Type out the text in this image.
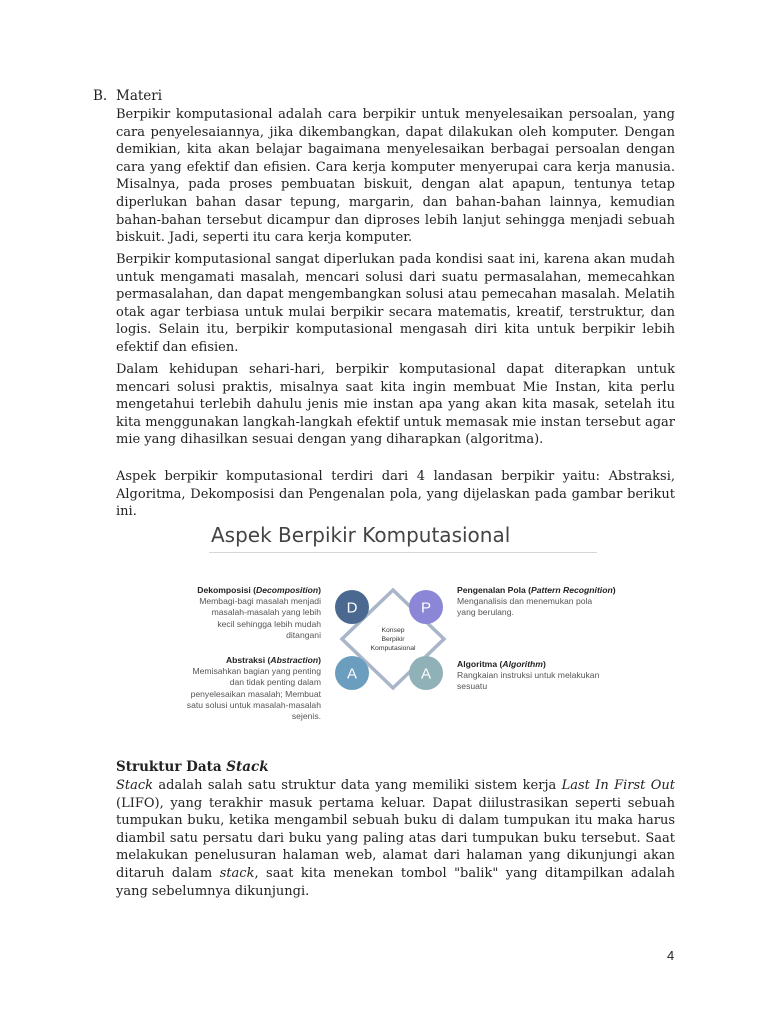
B. Materi

Berpikir komputasional adalah cara berpikir untuk menyelesaikan persoalan, yang cara penyelesaiannya, jika dikembangkan, dapat dilakukan oleh komputer. Dengan demikian, kita akan belajar bagaimana menyelesaikan berbagai persoalan dengan cara yang efektif dan efisien. Cara kerja komputer menyerupai cara kerja manusia. Misalnya, pada proses pembuatan biskuit, dengan alat apapun, tentunya tetap diperlukan bahan dasar tepung, margarin, dan bahan-bahan lainnya, kemudian bahan-bahan tersebut dicampur dan diproses lebih lanjut sehingga menjadi sebuah biskuit. Jadi, seperti itu cara kerja komputer.

Berpikir komputasional sangat diperlukan pada kondisi saat ini, karena akan mudah untuk mengamati masalah, mencari solusi dari suatu permasalahan, memecahkan permasalahan, dan dapat mengembangkan solusi atau pemecahan masalah. Melatih otak agar terbiasa untuk mulai berpikir secara matematis, kreatif, terstruktur, dan logis. Selain itu, berpikir komputasional mengasah diri kita untuk berpikir lebih efektif dan efisien.

Dalam kehidupan sehari-hari, berpikir komputasional dapat diterapkan untuk mencari solusi praktis, misalnya saat kita ingin membuat Mie Instan, kita perlu mengetahui terlebih dahulu jenis mie instan apa yang akan kita masak, setelah itu kita menggunakan langkah-langkah efektif untuk memasak mie instan tersebut agar mie yang dihasilkan sesuai dengan yang diharapkan (algoritma).

Aspek berpikir komputasional terdiri dari 4 landasan berpikir yaitu: Abstraksi, Algoritma, Dekomposisi dan Pengenalan pola, yang dijelaskan pada gambar berikut ini.

Aspek Berpikir Komputasional
Dekomposisi (Decomposition)
Membagi-bagi masalah menjadi
masalah-masalah yang lebih
kecil sehingga lebih mudah
ditangani
Abstraksi (Abstraction)
Memisahkan bagian yang penting
dan tidak penting dalam
penyelesaikan masalah; Membuat
satu solusi untuk masalah-masalah
sejenis.
D	P
A	A
Konsep
Berpikir
Komputasional
Pengenalan Pola (Pattern Recognition)
Menganalisis dan menemukan pola
yang berulang.
Algoritma (Algorithm)
Rangkaian instruksi untuk melakukan
sesuatu
Struktur Data Stack

Stack adalah salah satu struktur data yang memiliki sistem kerja Last In First Out (LIFO), yang terakhir masuk pertama keluar. Dapat diilustrasikan seperti sebuah tumpukan buku, ketika mengambil sebuah buku di dalam tumpukan itu maka harus diambil satu persatu dari buku yang paling atas dari tumpukan buku tersebut. Saat melakukan penelusuran halaman web, alamat dari halaman yang dikunjungi akan ditaruh dalam stack, saat kita menekan tombol "balik" yang ditampilkan adalah yang sebelumnya dikunjungi.

4
